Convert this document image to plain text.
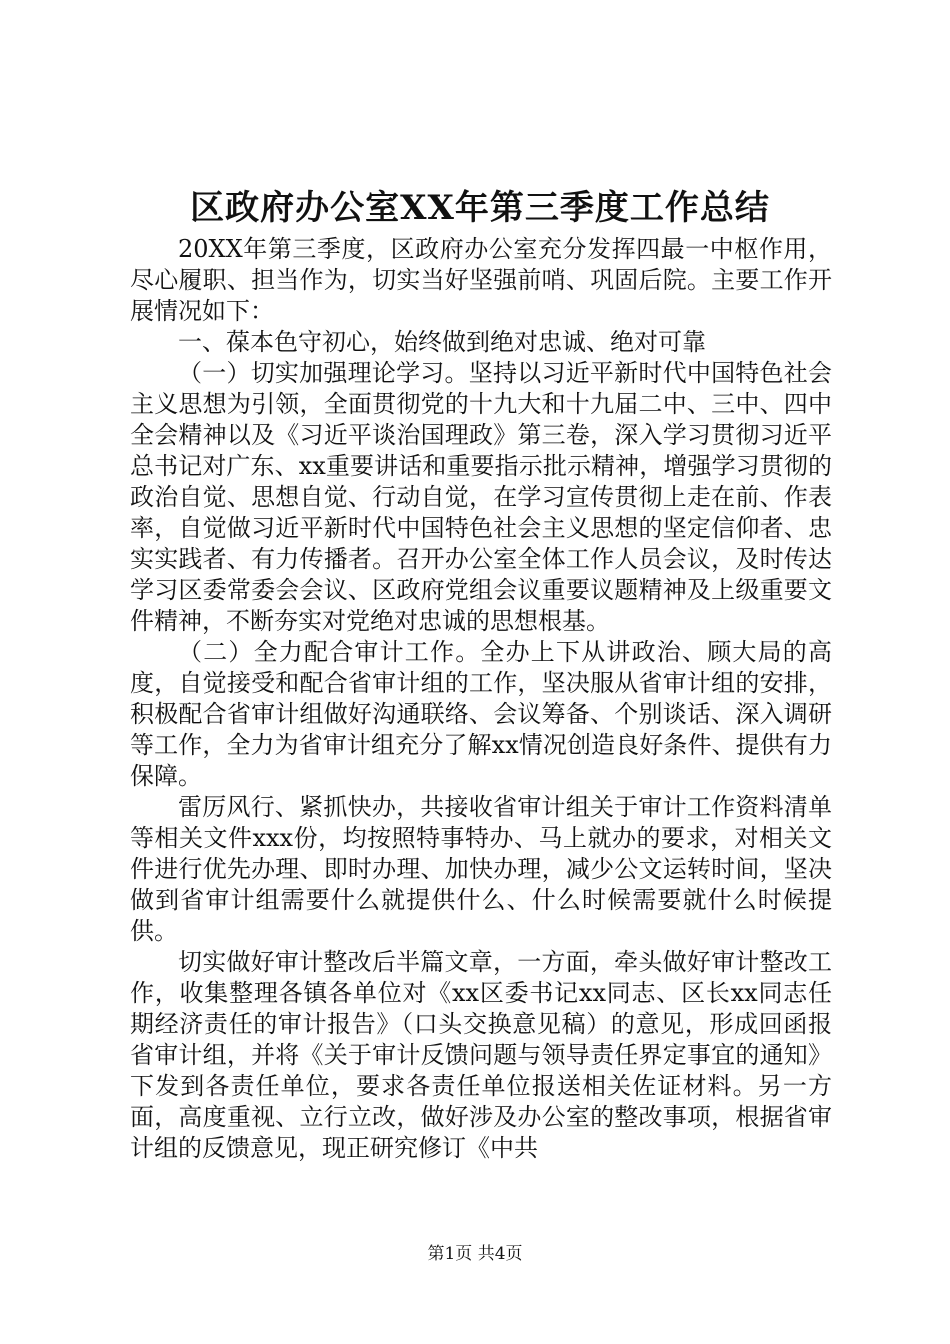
区政府办公室XX年第三季度工作总结

20XX年第三季度，区政府办公室充分发挥四最一中枢作用，尽心履职、担当作为，切实当好坚强前哨、巩固后院。主要工作开展情况如下：

一、葆本色守初心，始终做到绝对忠诚、绝对可靠

（一）切实加强理论学习。坚持以习近平新时代中国特色社会主义思想为引领，全面贯彻党的十九大和十九届二中、三中、四中全会精神以及《习近平谈治国理政》第三卷，深入学习贯彻习近平总书记对广东、xx重要讲话和重要指示批示精神，增强学习贯彻的政治自觉、思想自觉、行动自觉，在学习宣传贯彻上走在前、作表率，自觉做习近平新时代中国特色社会主义思想的坚定信仰者、忠实实践者、有力传播者。召开办公室全体工作人员会议，及时传达学习区委常委会会议、区政府党组会议重要议题精神及上级重要文件精神，不断夯实对党绝对忠诚的思想根基。

（二）全力配合审计工作。全办上下从讲政治、顾大局的高度，自觉接受和配合省审计组的工作，坚决服从省审计组的安排，积极配合省审计组做好沟通联络、会议筹备、个别谈话、深入调研等工作，全力为省审计组充分了解xx情况创造良好条件、提供有力保障。

雷厉风行、紧抓快办，共接收省审计组关于审计工作资料清单等相关文件xxx份，均按照特事特办、马上就办的要求，对相关文件进行优先办理、即时办理、加快办理，减少公文运转时间，坚决做到省审计组需要什么就提供什么、什么时候需要就什么时候提供。

切实做好审计整改后半篇文章，一方面，牵头做好审计整改工作，收集整理各镇各单位对《xx区委书记xx同志、区长xx同志任期经济责任的审计报告》（口头交换意见稿）的意见，形成回函报省审计组，并将《关于审计反馈问题与领导责任界定事宜的通知》下发到各责任单位，要求各责任单位报送相关佐证材料。另一方面，高度重视、立行立改，做好涉及办公室的整改事项，根据省审计组的反馈意见，现正研究修订《中共

第1页 共4页
